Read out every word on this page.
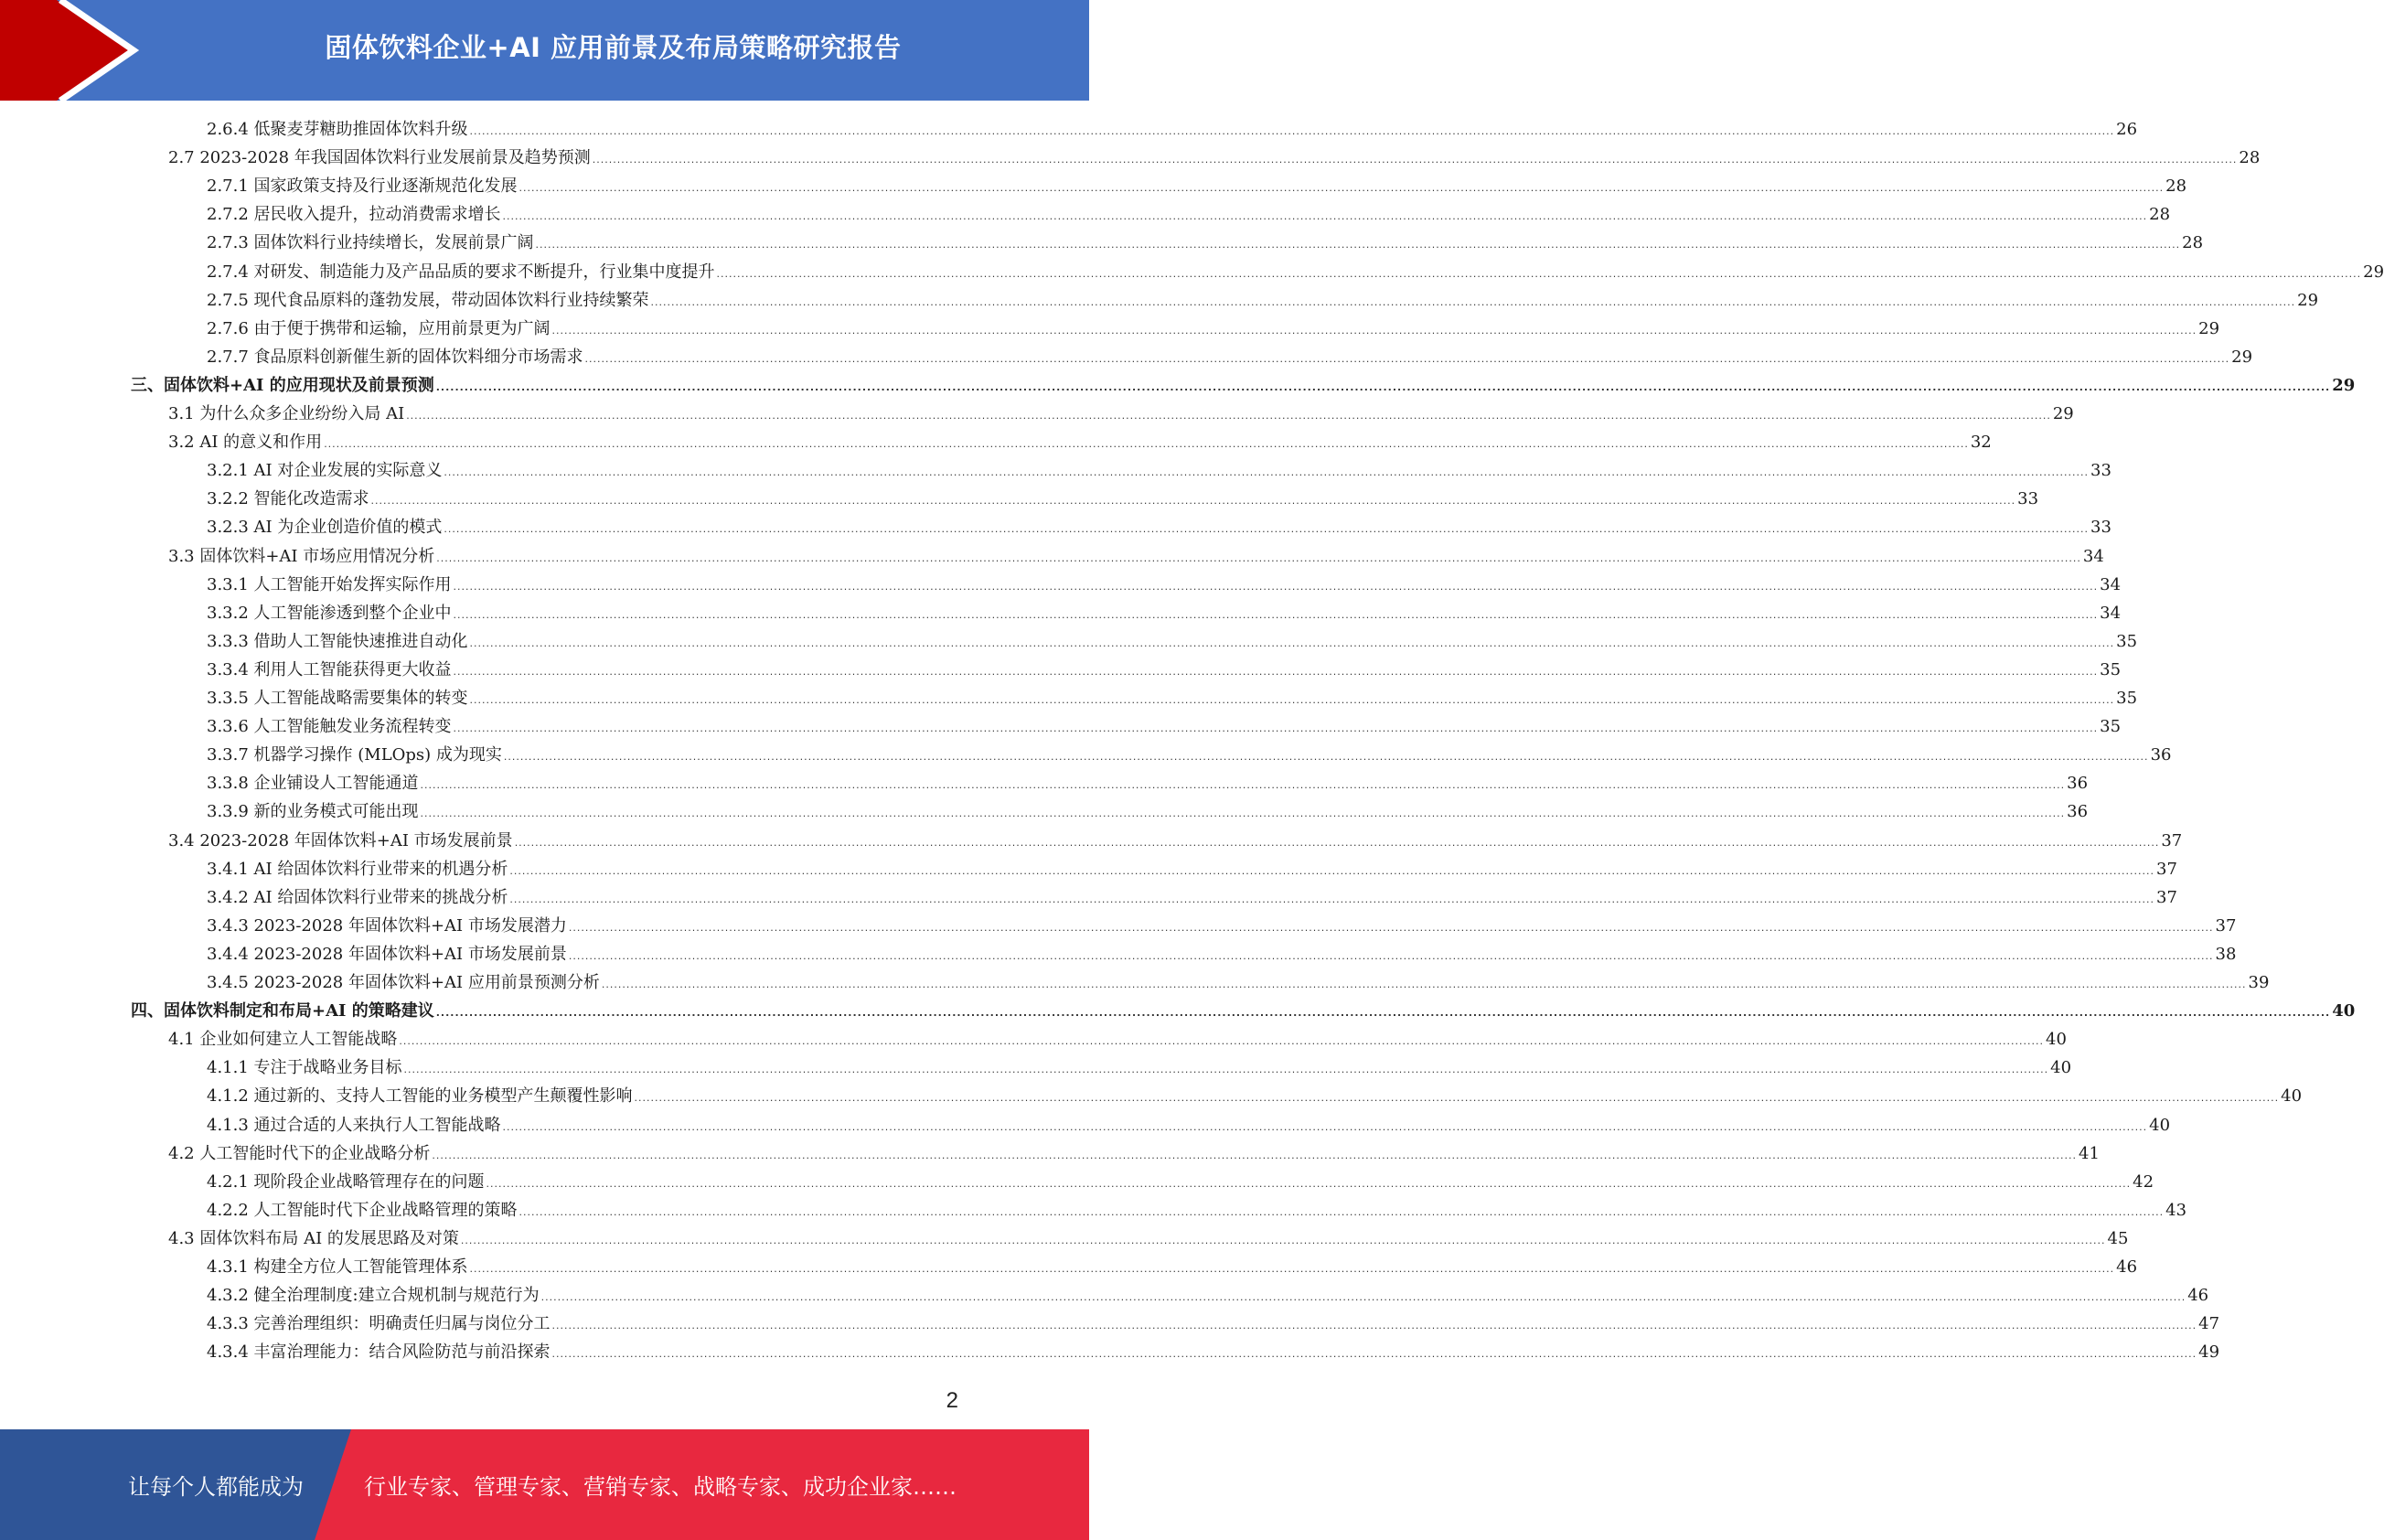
固体饮料企业+AI 应用前景及布局策略研究报告
2.6.4 低聚麦芽糖助推固体饮料升级 ................................................................................................................................................................................................................................................................................................................................................................................................................ 26
2.7 2023-2028 年我国固体饮料行业发展前景及趋势预测 ................................................................................................................................................................................................................................................................................................................................................................................................................ 28
2.7.1 国家政策支持及行业逐渐规范化发展 ................................................................................................................................................................................................................................................................................................................................................................................................................ 28
2.7.2 居民收入提升，拉动消费需求增长 ................................................................................................................................................................................................................................................................................................................................................................................................................ 28
2.7.3 固体饮料行业持续增长，发展前景广阔 ................................................................................................................................................................................................................................................................................................................................................................................................................ 28
2.7.4 对研发、制造能力及产品品质的要求不断提升，行业集中度提升 ................................................................................................................................................................................................................................................................................................................................................................................................................ 29
2.7.5 现代食品原料的蓬勃发展，带动固体饮料行业持续繁荣 ................................................................................................................................................................................................................................................................................................................................................................................................................ 29
2.7.6 由于便于携带和运输，应用前景更为广阔 ................................................................................................................................................................................................................................................................................................................................................................................................................ 29
2.7.7 食品原料创新催生新的固体饮料细分市场需求 ................................................................................................................................................................................................................................................................................................................................................................................................................ 29
三、固体饮料+AI 的应用现状及前景预测 ................................................................................................................................................................................................................................................................................................................................................................................................................ 29
3.1 为什么众多企业纷纷入局 AI ................................................................................................................................................................................................................................................................................................................................................................................................................ 29
3.2 AI 的意义和作用 ................................................................................................................................................................................................................................................................................................................................................................................................................ 32
3.2.1 AI 对企业发展的实际意义 ................................................................................................................................................................................................................................................................................................................................................................................................................ 33
3.2.2 智能化改造需求 ................................................................................................................................................................................................................................................................................................................................................................................................................ 33
3.2.3 AI 为企业创造价值的模式 ................................................................................................................................................................................................................................................................................................................................................................................................................ 33
3.3 固体饮料+AI 市场应用情况分析 ................................................................................................................................................................................................................................................................................................................................................................................................................ 34
3.3.1 人工智能开始发挥实际作用 ................................................................................................................................................................................................................................................................................................................................................................................................................ 34
3.3.2 人工智能渗透到整个企业中 ................................................................................................................................................................................................................................................................................................................................................................................................................ 34
3.3.3 借助人工智能快速推进自动化 ................................................................................................................................................................................................................................................................................................................................................................................................................ 35
3.3.4 利用人工智能获得更大收益 ................................................................................................................................................................................................................................................................................................................................................................................................................ 35
3.3.5 人工智能战略需要集体的转变 ................................................................................................................................................................................................................................................................................................................................................................................................................ 35
3.3.6 人工智能触发业务流程转变 ................................................................................................................................................................................................................................................................................................................................................................................................................ 35
3.3.7 机器学习操作 (MLOps) 成为现实 ................................................................................................................................................................................................................................................................................................................................................................................................................ 36
3.3.8 企业铺设人工智能通道 ................................................................................................................................................................................................................................................................................................................................................................................................................ 36
3.3.9 新的业务模式可能出现 ................................................................................................................................................................................................................................................................................................................................................................................................................ 36
3.4 2023-2028 年固体饮料+AI 市场发展前景 ................................................................................................................................................................................................................................................................................................................................................................................................................ 37
3.4.1 AI 给固体饮料行业带来的机遇分析 ................................................................................................................................................................................................................................................................................................................................................................................................................ 37
3.4.2 AI 给固体饮料行业带来的挑战分析 ................................................................................................................................................................................................................................................................................................................................................................................................................ 37
3.4.3 2023-2028 年固体饮料+AI 市场发展潜力 ................................................................................................................................................................................................................................................................................................................................................................................................................ 37
3.4.4 2023-2028 年固体饮料+AI 市场发展前景 ................................................................................................................................................................................................................................................................................................................................................................................................................ 38
3.4.5 2023-2028 年固体饮料+AI 应用前景预测分析 ................................................................................................................................................................................................................................................................................................................................................................................................................ 39
四、固体饮料制定和布局+AI 的策略建议 ................................................................................................................................................................................................................................................................................................................................................................................................................ 40
4.1 企业如何建立人工智能战略 ................................................................................................................................................................................................................................................................................................................................................................................................................ 40
4.1.1 专注于战略业务目标 ................................................................................................................................................................................................................................................................................................................................................................................................................ 40
4.1.2 通过新的、支持人工智能的业务模型产生颠覆性影响 ................................................................................................................................................................................................................................................................................................................................................................................................................ 40
4.1.3 通过合适的人来执行人工智能战略 ................................................................................................................................................................................................................................................................................................................................................................................................................ 40
4.2 人工智能时代下的企业战略分析 ................................................................................................................................................................................................................................................................................................................................................................................................................ 41
4.2.1 现阶段企业战略管理存在的问题 ................................................................................................................................................................................................................................................................................................................................................................................................................ 42
4.2.2 人工智能时代下企业战略管理的策略 ................................................................................................................................................................................................................................................................................................................................................................................................................ 43
4.3 固体饮料布局 AI 的发展思路及对策 ................................................................................................................................................................................................................................................................................................................................................................................................................ 45
4.3.1 构建全方位人工智能管理体系 ................................................................................................................................................................................................................................................................................................................................................................................................................ 46
4.3.2 健全治理制度:建立合规机制与规范行为 ................................................................................................................................................................................................................................................................................................................................................................................................................ 46
4.3.3 完善治理组织：明确责任归属与岗位分工 ................................................................................................................................................................................................................................................................................................................................................................................................................ 47
4.3.4 丰富治理能力：结合风险防范与前沿探索 ................................................................................................................................................................................................................................................................................................................................................................................................................ 49
2
让每个人都能成为	行业专家、管理专家、营销专家、战略专家、成功企业家……
